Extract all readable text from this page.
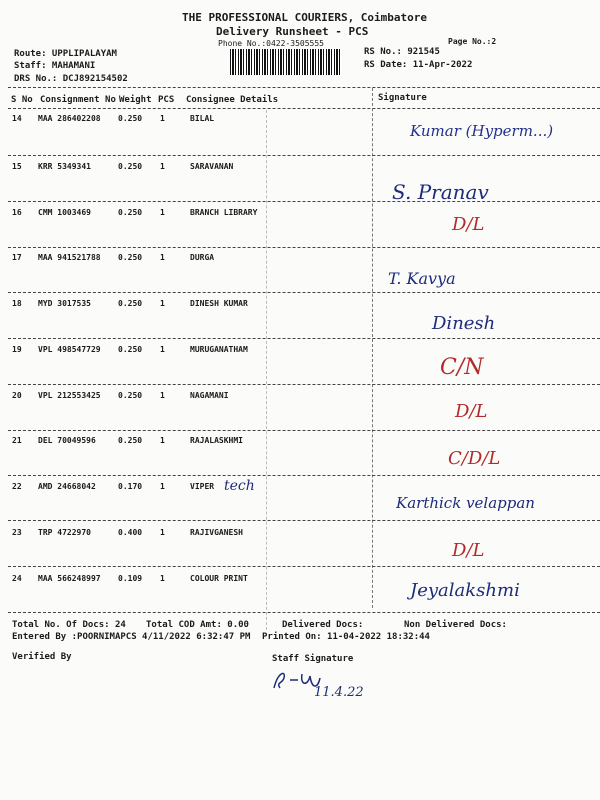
THE PROFESSIONAL COURIERS, Coimbatore
Delivery Runsheet - PCS
Phone No.:0422-3505555	Page No.:2
Route: UPPLIPALAYAM
Staff: MAHAMANI
DRS No.: DCJ892154502
RS No.: 921545
RS Date: 11-Apr-2022
S No Consignment No Weight PCS Consignee Details	Signature
14 MAA 286402208 0.250 1	BILAL
Kumar (Hyperm...)
15 KRR 5349341	0.250 1	SARAVANAN
S. Pranav
16 CMM 1003469	0.250 1	BRANCH LIBRARY
D/L
17 MAA 941521788 0.250 1	DURGA
T. Kavya
18 MYD 3017535	0.250 1	DINESH KUMAR
Dinesh
19 VPL 498547729 0.250 1	MURUGANATHAM
C/N
20 VPL 212553425 0.250 1	NAGAMANI
D/L
21 DEL 70049596	0.250 1	RAJALASKHMI
C/D/L
22 AMD 24668042	0.170 1	VIPER tech
Karthick velappan
23 TRP 4722970	0.400 1	RAJIVGANESH
D/L
24 MAA 566248997 0.109 1	COLOUR PRINT
Jeyalakshmi
Total No. Of Docs: 24 Total COD Amt: 0.00	Delivered Docs:	Non Delivered Docs:
Entered By :POORNIMAPCS 4/11/2022 6:32:47 PM Printed On: 11-04-2022 18:32:44
Verified By	Staff Signature
11.4.22
